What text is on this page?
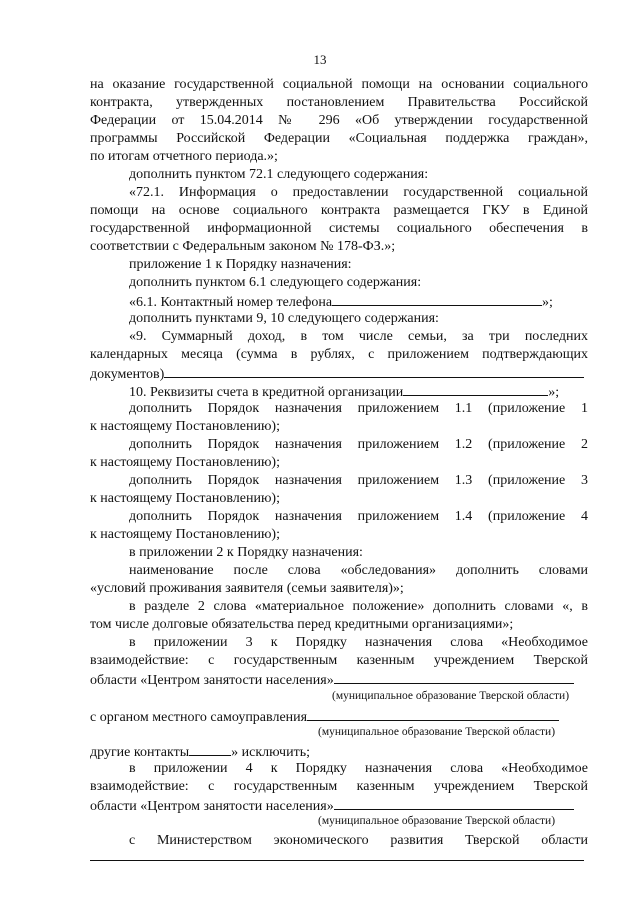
13
на оказание государственной социальной помощи на основании социального
контракта, утвержденных постановлением Правительства Российской
Федерации от 15.04.2014 № 296 «Об утверждении государственной
программы Российской Федерации «Социальная поддержка граждан»,
по итогам отчетного периода.»;
дополнить пунктом 72.1 следующего содержания:
«72.1. Информация о предоставлении государственной социальной
помощи на основе социального контракта размещается ГКУ в Единой
государственной информационной системы социального обеспечения в
соответствии с Федеральным законом № 178-ФЗ.»;
приложение 1 к Порядку назначения:
дополнить пунктом 6.1 следующего содержания:
«6.1. Контактный номер телефона	»;
дополнить пунктами 9, 10 следующего содержания:
«9. Суммарный доход, в том числе семьи, за три последних
календарных месяца (сумма в рублях, с приложением подтверждающих
документов)
10. Реквизиты счета в кредитной организации	»;
дополнить Порядок назначения приложением 1.1 (приложение 1
к настоящему Постановлению);
дополнить Порядок назначения приложением 1.2 (приложение 2
к настоящему Постановлению);
дополнить Порядок назначения приложением 1.3 (приложение 3
к настоящему Постановлению);
дополнить Порядок назначения приложением 1.4 (приложение 4
к настоящему Постановлению);
в приложении 2 к Порядку назначения:
наименование после слова «обследования» дополнить словами
«условий проживания заявителя (семьи заявителя)»;
в разделе 2 слова «материальное положение» дополнить словами «, в
том числе долговые обязательства перед кредитными организациями»;
в приложении 3 к Порядку назначения слова «Необходимое
взаимодействие: с государственным казенным учреждением Тверской
области «Центром занятости населения»
(муниципальное образование Тверской области)
с органом местного самоуправления
(муниципальное образование Тверской области)
другие контакты	» исключить;
в приложении 4 к Порядку назначения слова «Необходимое
взаимодействие: с государственным казенным учреждением Тверской
области «Центром занятости населения»
(муниципальное образование Тверской области)
с Министерством экономического развития Тверской области
